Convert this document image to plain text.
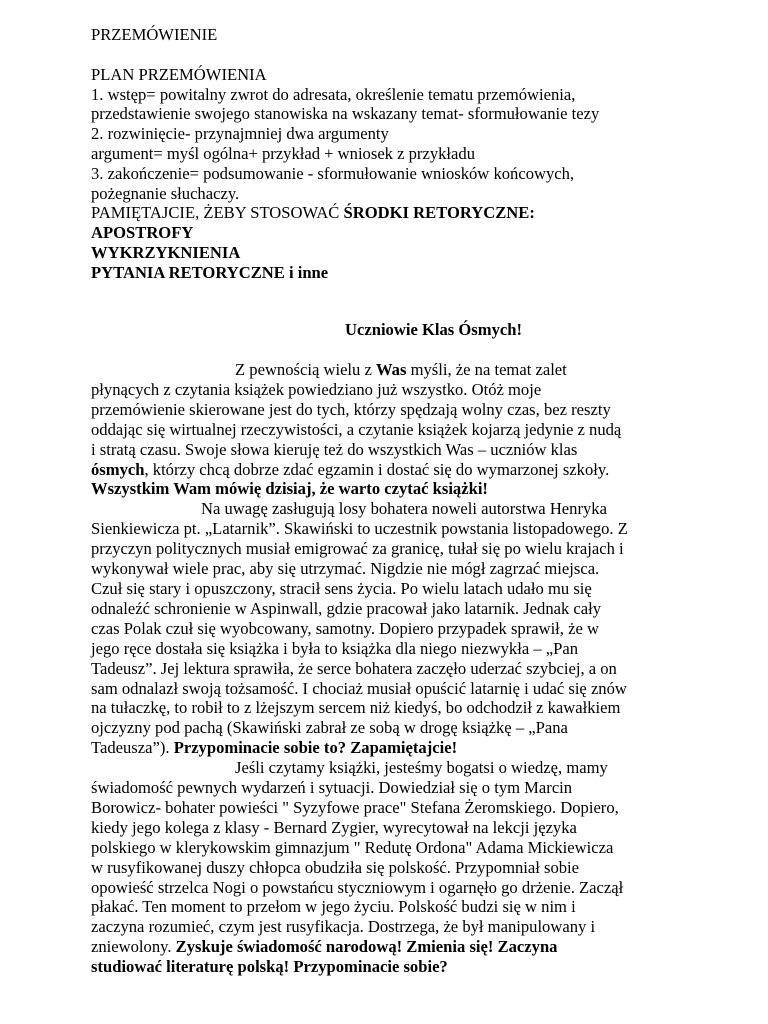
PRZEMÓWIENIE
PLAN PRZEMÓWIENIA
1. wstęp= powitalny zwrot do adresata, określenie tematu przemówienia,
przedstawienie swojego stanowiska na wskazany temat- sformułowanie tezy
2. rozwinięcie- przynajmniej dwa argumenty
argument= myśl ogólna+ przykład + wniosek z przykładu
3. zakończenie= podsumowanie - sformułowanie wniosków końcowych,
pożegnanie słuchaczy.
PAMIĘTAJCIE, ŻEBY STOSOWAĆ ŚRODKI RETORYCZNE:
APOSTROFY
WYKRZYKNIENIA
PYTANIA RETORYCZNE i inne
Uczniowie Klas Ósmych!
Z pewnością wielu z Was myśli, że na temat zalet
płynących z czytania książek powiedziano już wszystko. Otóż moje
przemówienie skierowane jest do tych, którzy spędzają wolny czas, bez reszty
oddając się wirtualnej rzeczywistości, a czytanie książek kojarzą jedynie z nudą
i stratą czasu. Swoje słowa kieruję też do wszystkich Was – uczniów klas
ósmych, którzy chcą dobrze zdać egzamin i dostać się do wymarzonej szkoły.
Wszystkim Wam mówię dzisiaj, że warto czytać książki!
Na uwagę zasługują losy bohatera noweli autorstwa Henryka
Sienkiewicza pt. „Latarnik”. Skawiński to uczestnik powstania listopadowego. Z
przyczyn politycznych musiał emigrować za granicę, tułał się po wielu krajach i
wykonywał wiele prac, aby się utrzymać. Nigdzie nie mógł zagrzać miejsca.
Czuł się stary i opuszczony, stracił sens życia. Po wielu latach udało mu się
odnaleźć schronienie w Aspinwall, gdzie pracował jako latarnik. Jednak cały
czas Polak czuł się wyobcowany, samotny. Dopiero przypadek sprawił, że w
jego ręce dostała się książka i była to książka dla niego niezwykła – „Pan
Tadeusz”. Jej lektura sprawiła, że serce bohatera zaczęło uderzać szybciej, a on
sam odnalazł swoją tożsamość. I chociaż musiał opuścić latarnię i udać się znów
na tułaczkę, to robił to z lżejszym sercem niż kiedyś, bo odchodził z kawałkiem
ojczyzny pod pachą (Skawiński zabrał ze sobą w drogę książkę – „Pana
Tadeusza”). Przypominacie sobie to? Zapamiętajcie!
Jeśli czytamy książki, jesteśmy bogatsi o wiedzę, mamy
świadomość pewnych wydarzeń i sytuacji. Dowiedział się o tym Marcin
Borowicz- bohater powieści " Syzyfowe prace" Stefana Żeromskiego. Dopiero,
kiedy jego kolega z klasy - Bernard Zygier, wyrecytował na lekcji języka
polskiego w klerykowskim gimnazjum " Redutę Ordona" Adama Mickiewicza
w rusyfikowanej duszy chłopca obudziła się polskość. Przypomniał sobie
opowieść strzelca Nogi o powstańcu styczniowym i ogarnęło go drżenie. Zaczął
płakać. Ten moment to przełom w jego życiu. Polskość budzi się w nim i
zaczyna rozumieć, czym jest rusyfikacja. Dostrzega, że był manipulowany i
zniewolony. Zyskuje świadomość narodową! Zmienia się! Zaczyna
studiować literaturę polską! Przypominacie sobie?
